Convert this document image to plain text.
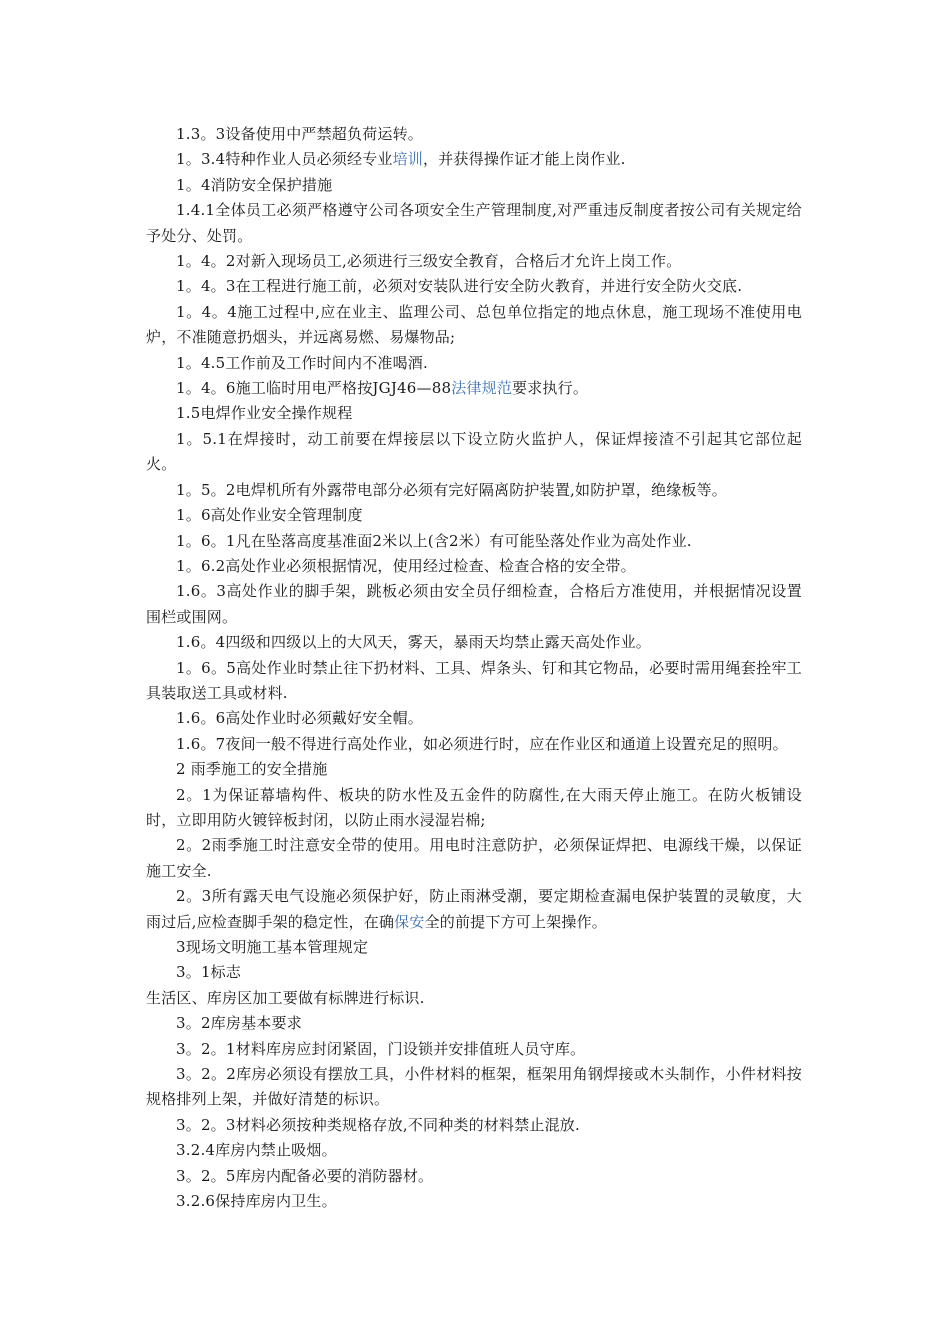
1.3。3设备使用中严禁超负荷运转。

1。3.4特种作业人员必须经专业培训，并获得操作证才能上岗作业.

1。4消防安全保护措施

1.4.1全体员工必须严格遵守公司各项安全生产管理制度,对严重违反制度者按公司有关规定给予处分、处罚。

1。4。2对新入现场员工,必须进行三级安全教育，合格后才允许上岗工作。

1。4。3在工程进行施工前，必须对安装队进行安全防火教育，并进行安全防火交底.

1。4。4施工过程中,应在业主、监理公司、总包单位指定的地点休息，施工现场不准使用电炉，不准随意扔烟头，并远离易燃、易爆物品;

1。4.5工作前及工作时间内不准喝酒.

1。4。6施工临时用电严格按JGJ46—88法律规范要求执行。

1.5电焊作业安全操作规程

1。5.1在焊接时，动工前要在焊接层以下设立防火监护人，保证焊接渣不引起其它部位起火。

1。5。2电焊机所有外露带电部分必须有完好隔离防护装置,如防护罩，绝缘板等。

1。6高处作业安全管理制度

1。6。1凡在坠落高度基准面2米以上(含2米）有可能坠落处作业为高处作业.

1。6.2高处作业必须根据情况，使用经过检查、检查合格的安全带。

1.6。3高处作业的脚手架，跳板必须由安全员仔细检查，合格后方准使用，并根据情况设置围栏或围网。

1.6。4四级和四级以上的大风天，雾天，暴雨天均禁止露天高处作业。

1。6。5高处作业时禁止往下扔材料、工具、焊条头、钉和其它物品，必要时需用绳套拴牢工具装取送工具或材料.

1.6。6高处作业时必须戴好安全帽。

1.6。7夜间一般不得进行高处作业，如必须进行时，应在作业区和通道上设置充足的照明。

2 雨季施工的安全措施

2。1为保证幕墙构件、板块的防水性及五金件的防腐性,在大雨天停止施工。在防火板铺设时，立即用防火镀锌板封闭，以防止雨水浸湿岩棉;

2。2雨季施工时注意安全带的使用。用电时注意防护，必须保证焊把、电源线干燥，以保证施工安全.

2。3所有露天电气设施必须保护好，防止雨淋受潮，要定期检查漏电保护装置的灵敏度，大雨过后,应检查脚手架的稳定性，在确保安全的前提下方可上架操作。

3现场文明施工基本管理规定

3。1标志

生活区、库房区加工要做有标牌进行标识.

3。2库房基本要求

3。2。1材料库房应封闭紧固，门设锁并安排值班人员守库。

3。2。2库房必须设有摆放工具，小件材料的框架，框架用角钢焊接或木头制作，小件材料按规格排列上架，并做好清楚的标识。

3。2。3材料必须按种类规格存放,不同种类的材料禁止混放.

3.2.4库房内禁止吸烟。

3。2。5库房内配备必要的消防器材。

3.2.6保持库房内卫生。
